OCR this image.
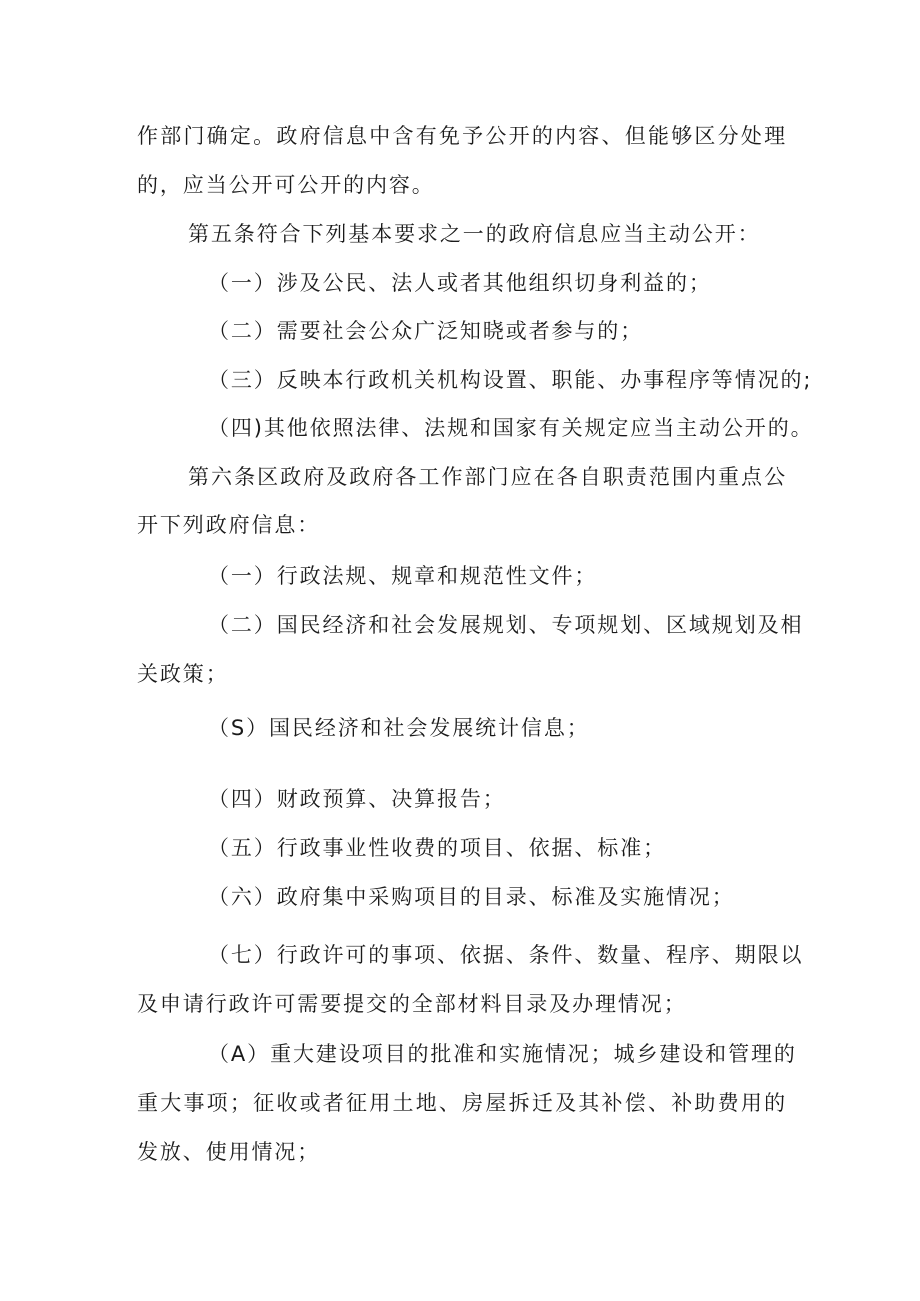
作部门确定。政府信息中含有免予公开的内容、但能够区分处理
的，应当公开可公开的内容。
第五条符合下列基本要求之一的政府信息应当主动公开：
（一）涉及公民、法人或者其他组织切身利益的；
（二）需要社会公众广泛知晓或者参与的；
（三）反映本行政机关机构设置、职能、办事程序等情况的;
（四)其他依照法律、法规和国家有关规定应当主动公开的。
第六条区政府及政府各工作部门应在各自职责范围内重点公
开下列政府信息：
（一）行政法规、规章和规范性文件；
（二）国民经济和社会发展规划、专项规划、区域规划及相
关政策；
（S）国民经济和社会发展统计信息；
（四）财政预算、决算报告；
（五）行政事业性收费的项目、依据、标准；
（六）政府集中采购项目的目录、标准及实施情况；
（七）行政许可的事项、依据、条件、数量、程序、期限以
及申请行政许可需要提交的全部材料目录及办理情况；
（A）重大建设项目的批准和实施情况；城乡建设和管理的
重大事项；征收或者征用土地、房屋拆迁及其补偿、补助费用的
发放、使用情况；
